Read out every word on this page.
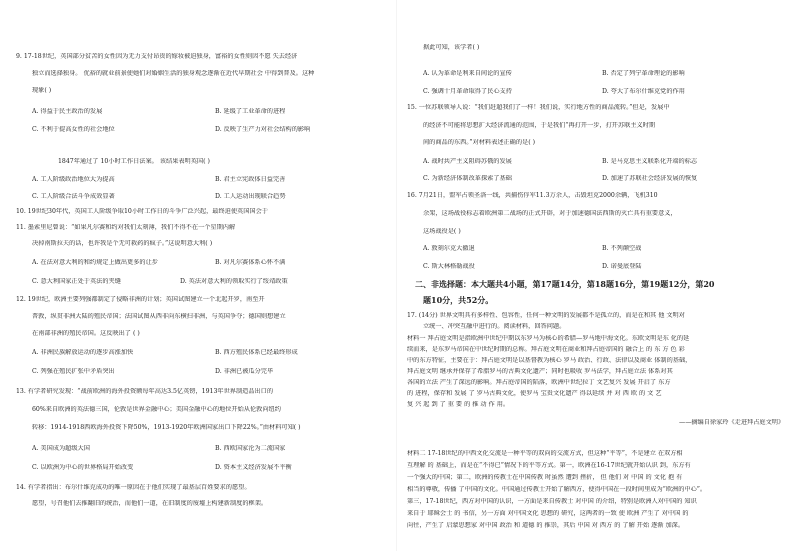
9. 17-18世纪，英国部分贫苦的女性因为无力支付昂贵的嫁妆被迫独身，富裕的女性则因不愿 失去经济
独立而选择独身。 优裕的就业前景使她们对婚姻生活的独身观念逐渐在近代早期社会 中得到普及。这种
现象( )
A. 得益于民主政治的发展	B. 延缓了工业革命的进程
C. 不利于提高女性的社会地位	D. 反映了生产力对社会结构的影响
1847年通过了 10小时工作日法案。 该结果表明英国( )
A. 工人阶级政治地位大为提高	B. 君主立宪政体日益完善
C. 工人阶级合法斗争成效显著	D. 工人运动出现联合趋势
10. 19世纪30年代，英国工人阶级争取10小时工作日的斗争广泛兴起，最终迫使英国国会于
11. 墨索里尼曾说：“如果凡尔赛和约对我们太刻薄，我们不得不在一个星期内解
决掉南斯拉夫的话，也许我是个无可救药的疯子。”这说明意大利( )
A. 在法对意大利的和约规定上做出更多的让步	B. 对凡尔赛体系心怀不满
C. 意大利国家正处于英法的夹缝	D. 英法对意大利的领取实行了绥靖政策
12. 19世纪，欧洲主要列强都制定了侵略非洲的计划；英国试图建立一个北起开罗，南至开
普敦，纵贯非洲大陆的殖民帝国；法国试图从西非向东横扫非洲，与英国争夺；德国则想建立
在南部非洲的殖民帝国。这反映出了 ( )
A. 非洲民族解放运动的逐步高涨加快	B. 西方殖民体系已经最终形成
C. 列强在殖民扩张中矛盾突出	D. 非洲已被瓜分完毕
13. 有学者研究发现：“战前欧洲的海外投资额每年高达3.5亿英镑，1913年世界制造品出口的
60%来自欧洲的英法德三国，伦敦是世界金融中心；美国金融中心的地位开始从伦敦向纽约
转移：1914-1918西欧海外投资下降50%，1913-1920年欧洲国家出口下降22%。”由材料可知( )
A. 美国成为超级大国	B. 西欧国家沦为二流国家
C. 以欧洲为中心的世界格局开始改变	D. 资本主义经济发展不平衡
14. 有学者指出：布尔什维克成功的唯一原因在于他们实现了最基层百姓要求的愿望。
愿望，号召他们去推翻旧的统治，而他们一道，在旧制度的废墟上构建新制度的框架。
据此可知，该学者( )
A. 认为革命是利来自间论的宣传	B. 否定了列宁革命理论的影响
C. 强调十月革命取得了民心支持	D. 夸大了布尔什维克党的作用
15. 一位苏联领导人说：“我们赶超我们了一样！我们说，实行地方性的商品流转。”但是，发展中
的经济不可能将思想扩大经济流通的范围，于是我们“再打开一步，打开苏联主义时期
间的商品的东西。”对材料表述正确的是( )
A. 战时共产主义阻碍苏俄的发展	B. 是马克思主义联系化开端的标志
C. 为新经济体制改革探索了基础	D. 加速了苏联社会经济发展的恢复
16. 7月21日，盟军占领圣洛一线，共捕伤俘军11.3万余人，击毁坦克2000余辆，飞机310
余架，这场战役标志着欧洲第二战场的正式开辟，对于加速德国法西斯的灭亡具有重要意义，
这场战役是( )
A. 敦刻尔克大撤退	B. 不列颠空战
C. 斯大林格勒战役	D. 诺曼底登陆
二、非选择题：本大题共4小题，第17题14分，第18题16分，第19题12分，第20
题10分，共52分。
17. (14分) 世界文明具有多样性、包容性，任何一种文明的发展都不是孤立的，而是在和其 他 文明对
立统一、冲突互融中进行的。阅读材料，回答问题。
材料一 拜占庭文明是指欧洲中世纪中期以东罗马为核心的希腊—罗马地中海文化。东欧文明是东 化的延
续而来，是东罗马帝国在中世纪时期的总称。拜占庭文明在商业和拜占庭帝国的 融合上 的 东 方 色 彩
中的东方特征，主要在于：拜占庭文明是以基督教为核心 罗马 政治、行政、法律以及商业 体制的基础，
拜占庭文明 继承并保存了希腊罗马的古典文化遗产；同时也吸收 罗马法学，拜占庭立法 体系对其
各国的立法 产生了深远的影响。拜占庭帝国的陷落，欧洲中世纪拉丁 文艺复兴 发展 开启了 东方
的 进程，保存和 发展 了 罗马古典文化，使罗马 宝贵文化遗产 得以延续 并 对 西 欧 的 文 艺
复 兴 起 到 了 重 要 的 推 动 作 用。
——摘编自徐家玲《走进拜占庭文明》
材料二 17-18世纪的中西文化交流是一种平等的双向的交流方式，但这种“平等”，不是建立 在双方相
互理解 的 基础上，而是在“不得已”情况下的平等方式。第一，欧洲在16-17世纪就开始认识 到，东方有
一个强大的中国；第二，欧洲的传教士在中国传教 时虽然 遭到 挫折， 但 他们 对 中国 的 文化 抱 有
相当的尊敬，传播 了中国的文化。中国通过传教士开始了解西方，使得中国在一段时间里成为“欧洲的中心”。
第三，17-18世纪，西方对中国的认识，一方面是来自传教士 对中国 的介绍，特别是欧洲人对中国的 知识
来自于 耶稣会士 的 书信，另一方面 对中国文化 思想的 研究，这两者的一致 使 欧洲 产生了 对中国 的
向往，产生了 启蒙思想家 对中国 政治 和 道德 的 推崇，其后 中国 对 西方 的 了解 开始 逐渐 加深。
